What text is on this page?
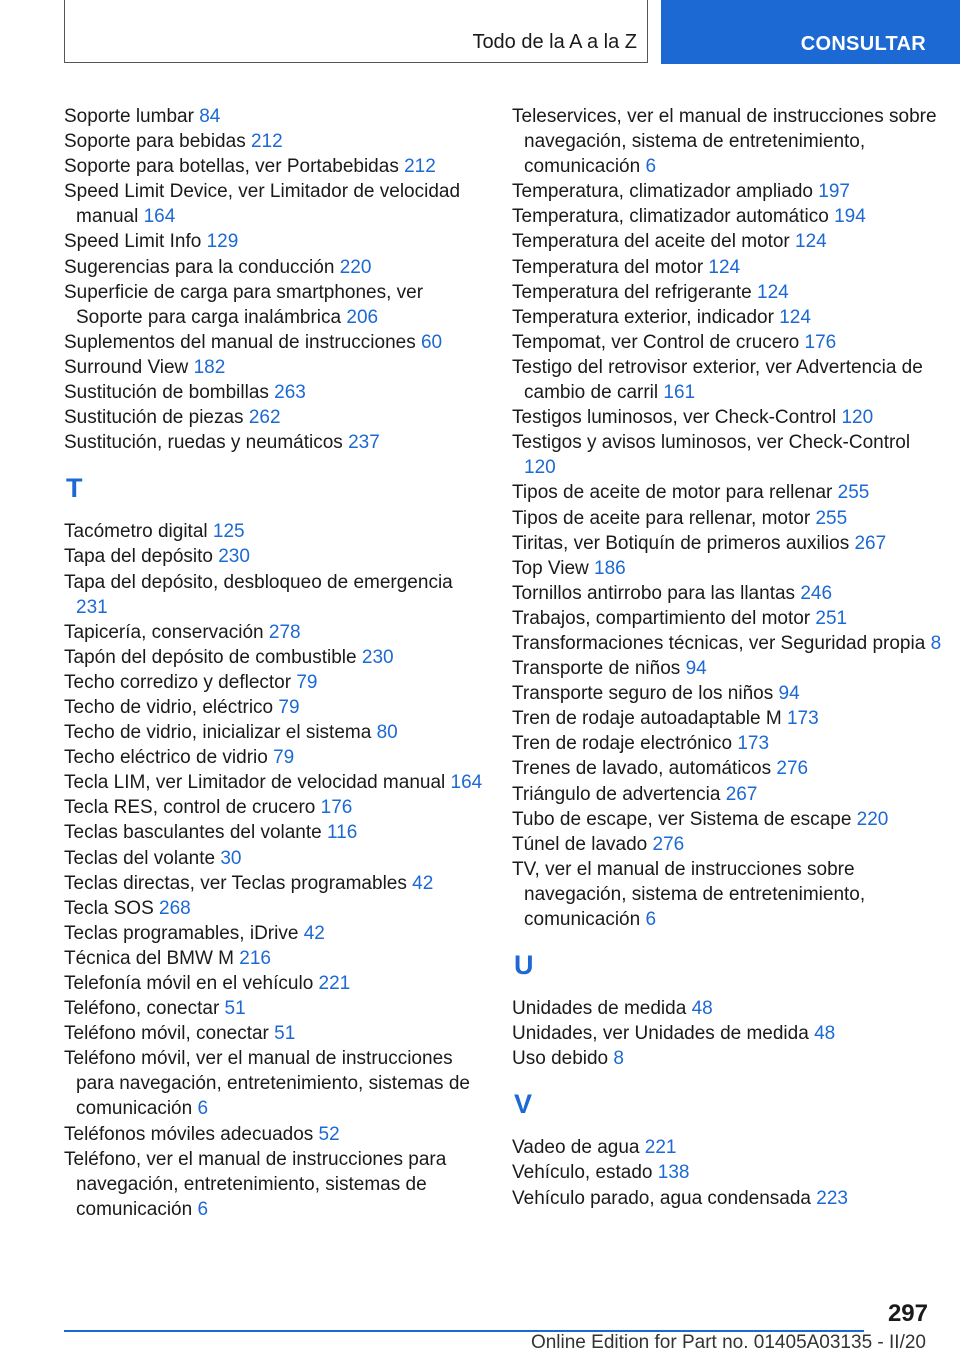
Todo de la A a la Z	CONSULTAR
Soporte lumbar 84
Soporte para bebidas 212
Soporte para botellas, ver Portabebidas 212
Speed Limit Device, ver Limitador de velocidad manual 164
Speed Limit Info 129
Sugerencias para la conducción 220
Superficie de carga para smartphones, ver Soporte para carga inalámbrica 206
Suplementos del manual de instrucciones 60
Surround View 182
Sustitución de bombillas 263
Sustitución de piezas 262
Sustitución, ruedas y neumáticos 237
T
Tacómetro digital 125
Tapa del depósito 230
Tapa del depósito, desbloqueo de emergencia 231
Tapicería, conservación 278
Tapón del depósito de combustible 230
Techo corredizo y deflector 79
Techo de vidrio, eléctrico 79
Techo de vidrio, inicializar el sistema 80
Techo eléctrico de vidrio 79
Tecla LIM, ver Limitador de velocidad manual 164
Tecla RES, control de crucero 176
Teclas basculantes del volante 116
Teclas del volante 30
Teclas directas, ver Teclas programables 42
Tecla SOS 268
Teclas programables, iDrive 42
Técnica del BMW M 216
Telefonía móvil en el vehículo 221
Teléfono, conectar 51
Teléfono móvil, conectar 51
Teléfono móvil, ver el manual de instrucciones para navegación, entretenimiento, sistemas de comunicación 6
Teléfonos móviles adecuados 52
Teléfono, ver el manual de instrucciones para navegación, entretenimiento, sistemas de comunicación 6
Teleservices, ver el manual de instrucciones sobre navegación, sistema de entretenimiento, comunicación 6
Temperatura, climatizador ampliado 197
Temperatura, climatizador automático 194
Temperatura del aceite del motor 124
Temperatura del motor 124
Temperatura del refrigerante 124
Temperatura exterior, indicador 124
Tempomat, ver Control de crucero 176
Testigo del retrovisor exterior, ver Advertencia de cambio de carril 161
Testigos luminosos, ver Check-Control 120
Testigos y avisos luminosos, ver Check-Control 120
Tipos de aceite de motor para rellenar 255
Tipos de aceite para rellenar, motor 255
Tiritas, ver Botiquín de primeros auxilios 267
Top View 186
Tornillos antirrobo para las llantas 246
Trabajos, compartimiento del motor 251
Transformaciones técnicas, ver Seguridad propia 8
Transporte de niños 94
Transporte seguro de los niños 94
Tren de rodaje autoadaptable M 173
Tren de rodaje electrónico 173
Trenes de lavado, automáticos 276
Triángulo de advertencia 267
Tubo de escape, ver Sistema de escape 220
Túnel de lavado 276
TV, ver el manual de instrucciones sobre navegación, sistema de entretenimiento, comunicación 6
U
Unidades de medida 48
Unidades, ver Unidades de medida 48
Uso debido 8
V
Vadeo de agua 221
Vehículo, estado 138
Vehículo parado, agua condensada 223
297
Online Edition for Part no. 01405A03135 - II/20
